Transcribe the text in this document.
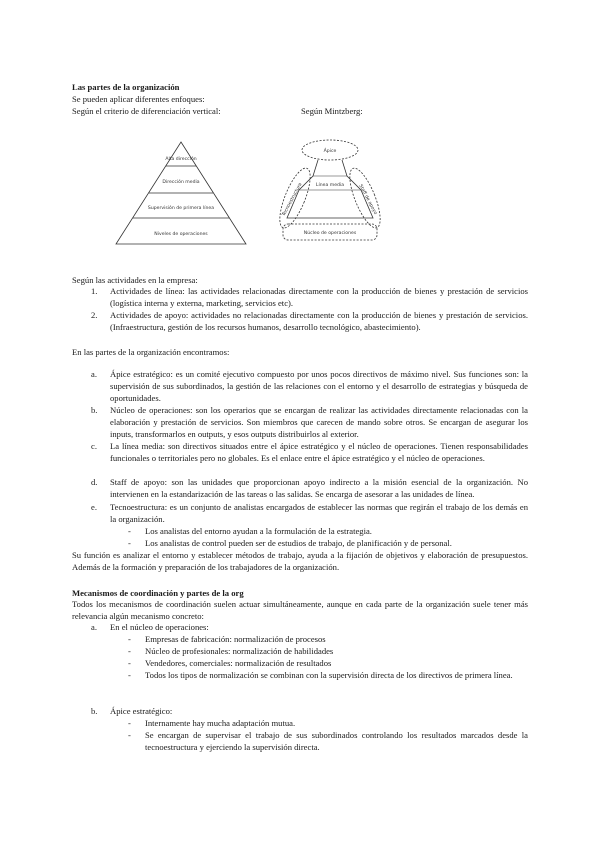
Las partes de la organización
Se pueden aplicar diferentes enfoques:
Según el criterio de diferenciación vertical:	Según Mintzberg:
Alta dirección
Dirección media
Supervisión de primera línea
Niveles de operaciones
Ápice
Tecnoestructura	Línea media	Staff de apoyo
Núcleo de operaciones
Según las actividades en la empresa:
1. Actividades de línea: las actividades relacionadas directamente con la producción de bienes y prestación de servicios (logística interna y externa, marketing, servicios etc).
2. Actividades de apoyo: actividades no relacionadas directamente con la producción de bienes y prestación de servicios. (Infraestructura, gestión de los recursos humanos, desarrollo tecnológico, abastecimiento).
En las partes de la organización encontramos:
a. Ápice estratégico: es un comité ejecutivo compuesto por unos pocos directivos de máximo nivel. Sus funciones son: la supervisión de sus subordinados, la gestión de las relaciones con el entorno y el desarrollo de estrategias y búsqueda de oportunidades.
b. Núcleo de operaciones: son los operarios que se encargan de realizar las actividades directamente relacionadas con la elaboración y prestación de servicios. Son miembros que carecen de mando sobre otros. Se encargan de asegurar los inputs, transformarlos en outputs, y esos outputs distribuirlos al exterior.
c. La línea media: son directivos situados entre el ápice estratégico y el núcleo de operaciones. Tienen responsabilidades funcionales o territoriales pero no globales. Es el enlace entre el ápice estratégico y el núcleo de operaciones.
d. Staff de apoyo: son las unidades que proporcionan apoyo indirecto a la misión esencial de la organización. No intervienen en la estandarización de las tareas o las salidas. Se encarga de asesorar a las unidades de línea.
e. Tecnoestructura: es un conjunto de analistas encargados de establecer las normas que regirán el trabajo de los demás en la organización.
- Los analistas del entorno ayudan a la formulación de la estrategia.
- Los analistas de control pueden ser de estudios de trabajo, de planificación y de personal.
Su función es analizar el entorno y establecer métodos de trabajo, ayuda a la fijación de objetivos y elaboración de presupuestos. Además de la formación y preparación de los trabajadores de la organización.
Mecanismos de coordinación y partes de la org
Todos los mecanismos de coordinación suelen actuar simultáneamente, aunque en cada parte de la organización suele tener más relevancia algún mecanismo concreto:
a. En el núcleo de operaciones:
- Empresas de fabricación: normalización de procesos
- Núcleo de profesionales: normalización de habilidades
- Vendedores, comerciales: normalización de resultados
- Todos los tipos de normalización se combinan con la supervisión directa de los directivos de primera línea.
b. Ápice estratégico:
- Internamente hay mucha adaptación mutua.
- Se encargan de supervisar el trabajo de sus subordinados controlando los resultados marcados desde la tecnoestructura y ejerciendo la supervisión directa.
